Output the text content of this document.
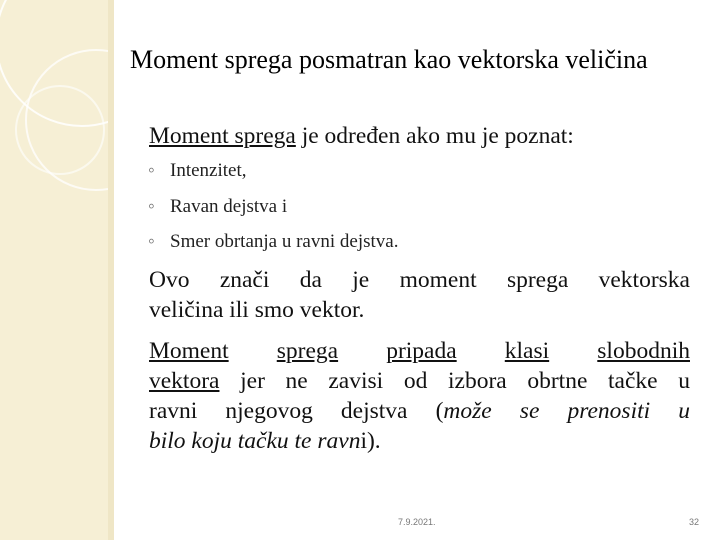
Moment sprega posmatran kao vektorska veličina
Moment sprega je određen ako mu je poznat:
◦ Intenzitet,
◦ Ravan dejstva i
◦ Smer obrtanja u ravni dejstva.
Ovo znači da je moment sprega vektorska
veličina ili smo vektor.
Moment sprega pripada klasi slobodnih
vektora jer ne zavisi od izbora obrtne tačke u
ravni njegovog dejstva (može se prenositi u
bilo koju tačku te ravni).
7.9.2021.	32
